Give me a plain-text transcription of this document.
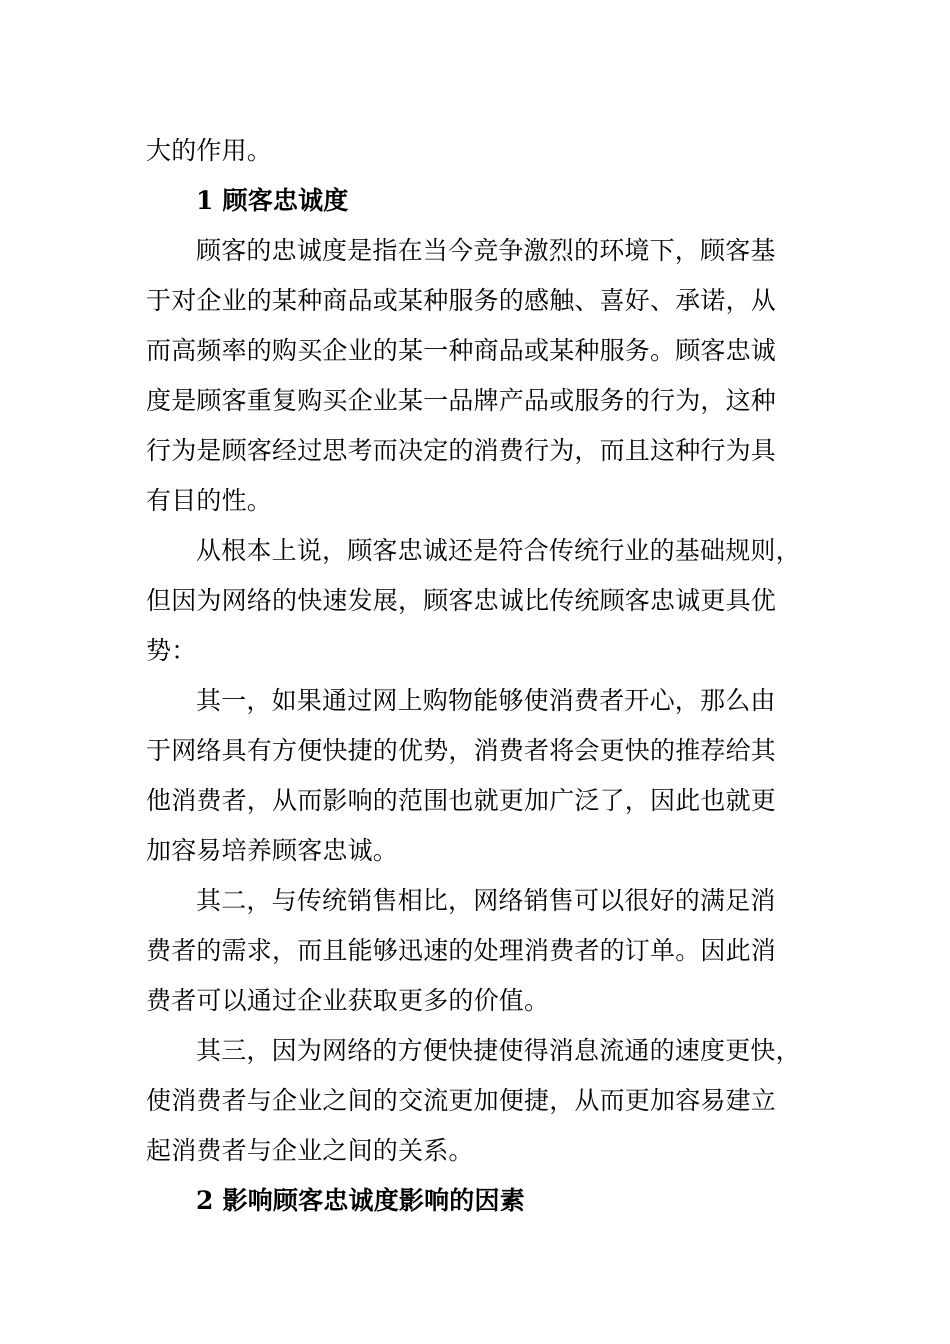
大的作用。
1 顾客忠诚度
顾客的忠诚度是指在当今竞争激烈的环境下，顾客基
于对企业的某种商品或某种服务的感触、喜好、承诺，从
而高频率的购买企业的某一种商品或某种服务。顾客忠诚
度是顾客重复购买企业某一品牌产品或服务的行为，这种
行为是顾客经过思考而决定的消费行为，而且这种行为具
有目的性。
从根本上说，顾客忠诚还是符合传统行业的基础规则，
但因为网络的快速发展，顾客忠诚比传统顾客忠诚更具优
势：
其一，如果通过网上购物能够使消费者开心，那么由
于网络具有方便快捷的优势，消费者将会更快的推荐给其
他消费者，从而影响的范围也就更加广泛了，因此也就更
加容易培养顾客忠诚。
其二，与传统销售相比，网络销售可以很好的满足消
费者的需求，而且能够迅速的处理消费者的订单。因此消
费者可以通过企业获取更多的价值。
其三，因为网络的方便快捷使得消息流通的速度更快，
使消费者与企业之间的交流更加便捷，从而更加容易建立
起消费者与企业之间的关系。
2 影响顾客忠诚度影响的因素
